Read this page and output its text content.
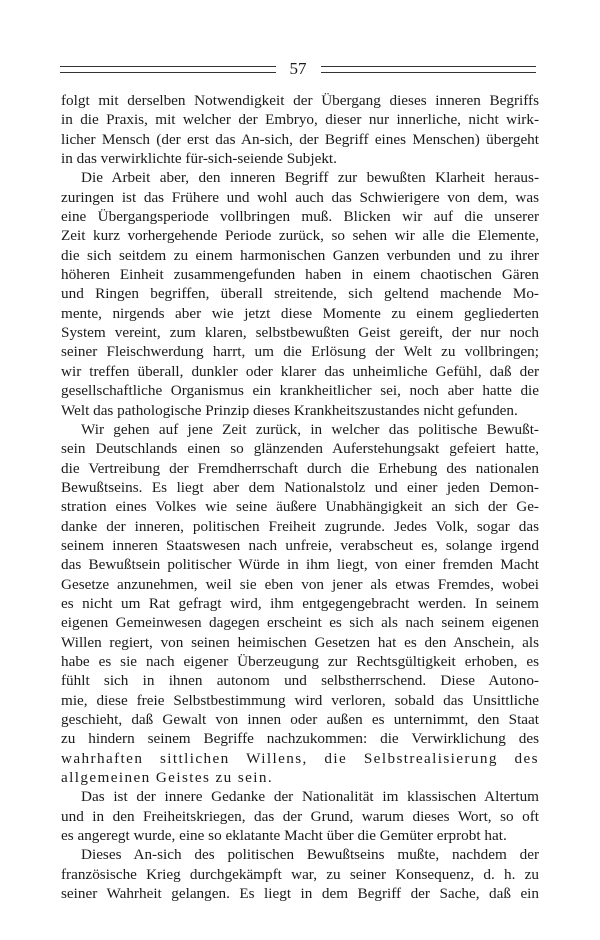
57

folgt mit derselben Notwendigkeit der Übergang dieses inneren Begriffs

in die Praxis, mit welcher der Embryo, dieser nur innerliche, nicht wirk-

licher Mensch (der erst das An-sich, der Begriff eines Menschen) übergeht

in das verwirklichte für-sich-seiende Subjekt.

Die Arbeit aber, den inneren Begriff zur bewußten Klarheit heraus-

zuringen ist das Frühere und wohl auch das Schwierigere von dem, was

eine Übergangsperiode vollbringen muß. Blicken wir auf die unserer

Zeit kurz vorhergehende Periode zurück, so sehen wir alle die Elemente,

die sich seitdem zu einem harmonischen Ganzen verbunden und zu ihrer

höheren Einheit zusammengefunden haben in einem chaotischen Gären

und Ringen begriffen, überall streitende, sich geltend machende Mo-

mente, nirgends aber wie jetzt diese Momente zu einem gegliederten

System vereint, zum klaren, selbstbewußten Geist gereift, der nur noch

seiner Fleischwerdung harrt, um die Erlösung der Welt zu vollbringen;

wir treffen überall, dunkler oder klarer das unheimliche Gefühl, daß der

gesellschaftliche Organismus ein krankheitlicher sei, noch aber hatte die

Welt das pathologische Prinzip dieses Krankheitszustandes nicht gefunden.

Wir gehen auf jene Zeit zurück, in welcher das politische Bewußt-

sein Deutschlands einen so glänzenden Auferstehungsakt gefeiert hatte,

die Vertreibung der Fremdherrschaft durch die Erhebung des nationalen

Bewußtseins. Es liegt aber dem Nationalstolz und einer jeden Demon-

stration eines Volkes wie seine äußere Unabhängigkeit an sich der Ge-

danke der inneren, politischen Freiheit zugrunde. Jedes Volk, sogar das

seinem inneren Staatswesen nach unfreie, verabscheut es, solange irgend

das Bewußtsein politischer Würde in ihm liegt, von einer fremden Macht

Gesetze anzunehmen, weil sie eben von jener als etwas Fremdes, wobei

es nicht um Rat gefragt wird, ihm entgegengebracht werden. In seinem

eigenen Gemeinwesen dagegen erscheint es sich als nach seinem eigenen

Willen regiert, von seinen heimischen Gesetzen hat es den Anschein, als

habe es sie nach eigener Überzeugung zur Rechtsgültigkeit erhoben, es

fühlt sich in ihnen autonom und selbstherrschend. Diese Autono-

mie, diese freie Selbstbestimmung wird verloren, sobald das Unsittliche

geschieht, daß Gewalt von innen oder außen es unternimmt, den Staat

zu hindern seinem Begriffe nachzukommen: die Verwirklichung des

wahrhaften sittlichen Willens, die Selbstrealisierung des

allgemeinen Geistes zu sein.

Das ist der innere Gedanke der Nationalität im klassischen Altertum

und in den Freiheitskriegen, das der Grund, warum dieses Wort, so oft

es angeregt wurde, eine so eklatante Macht über die Gemüter erprobt hat.

Dieses An-sich des politischen Bewußtseins mußte, nachdem der

französische Krieg durchgekämpft war, zu seiner Konsequenz, d. h. zu

seiner Wahrheit gelangen. Es liegt in dem Begriff der Sache, daß ein
